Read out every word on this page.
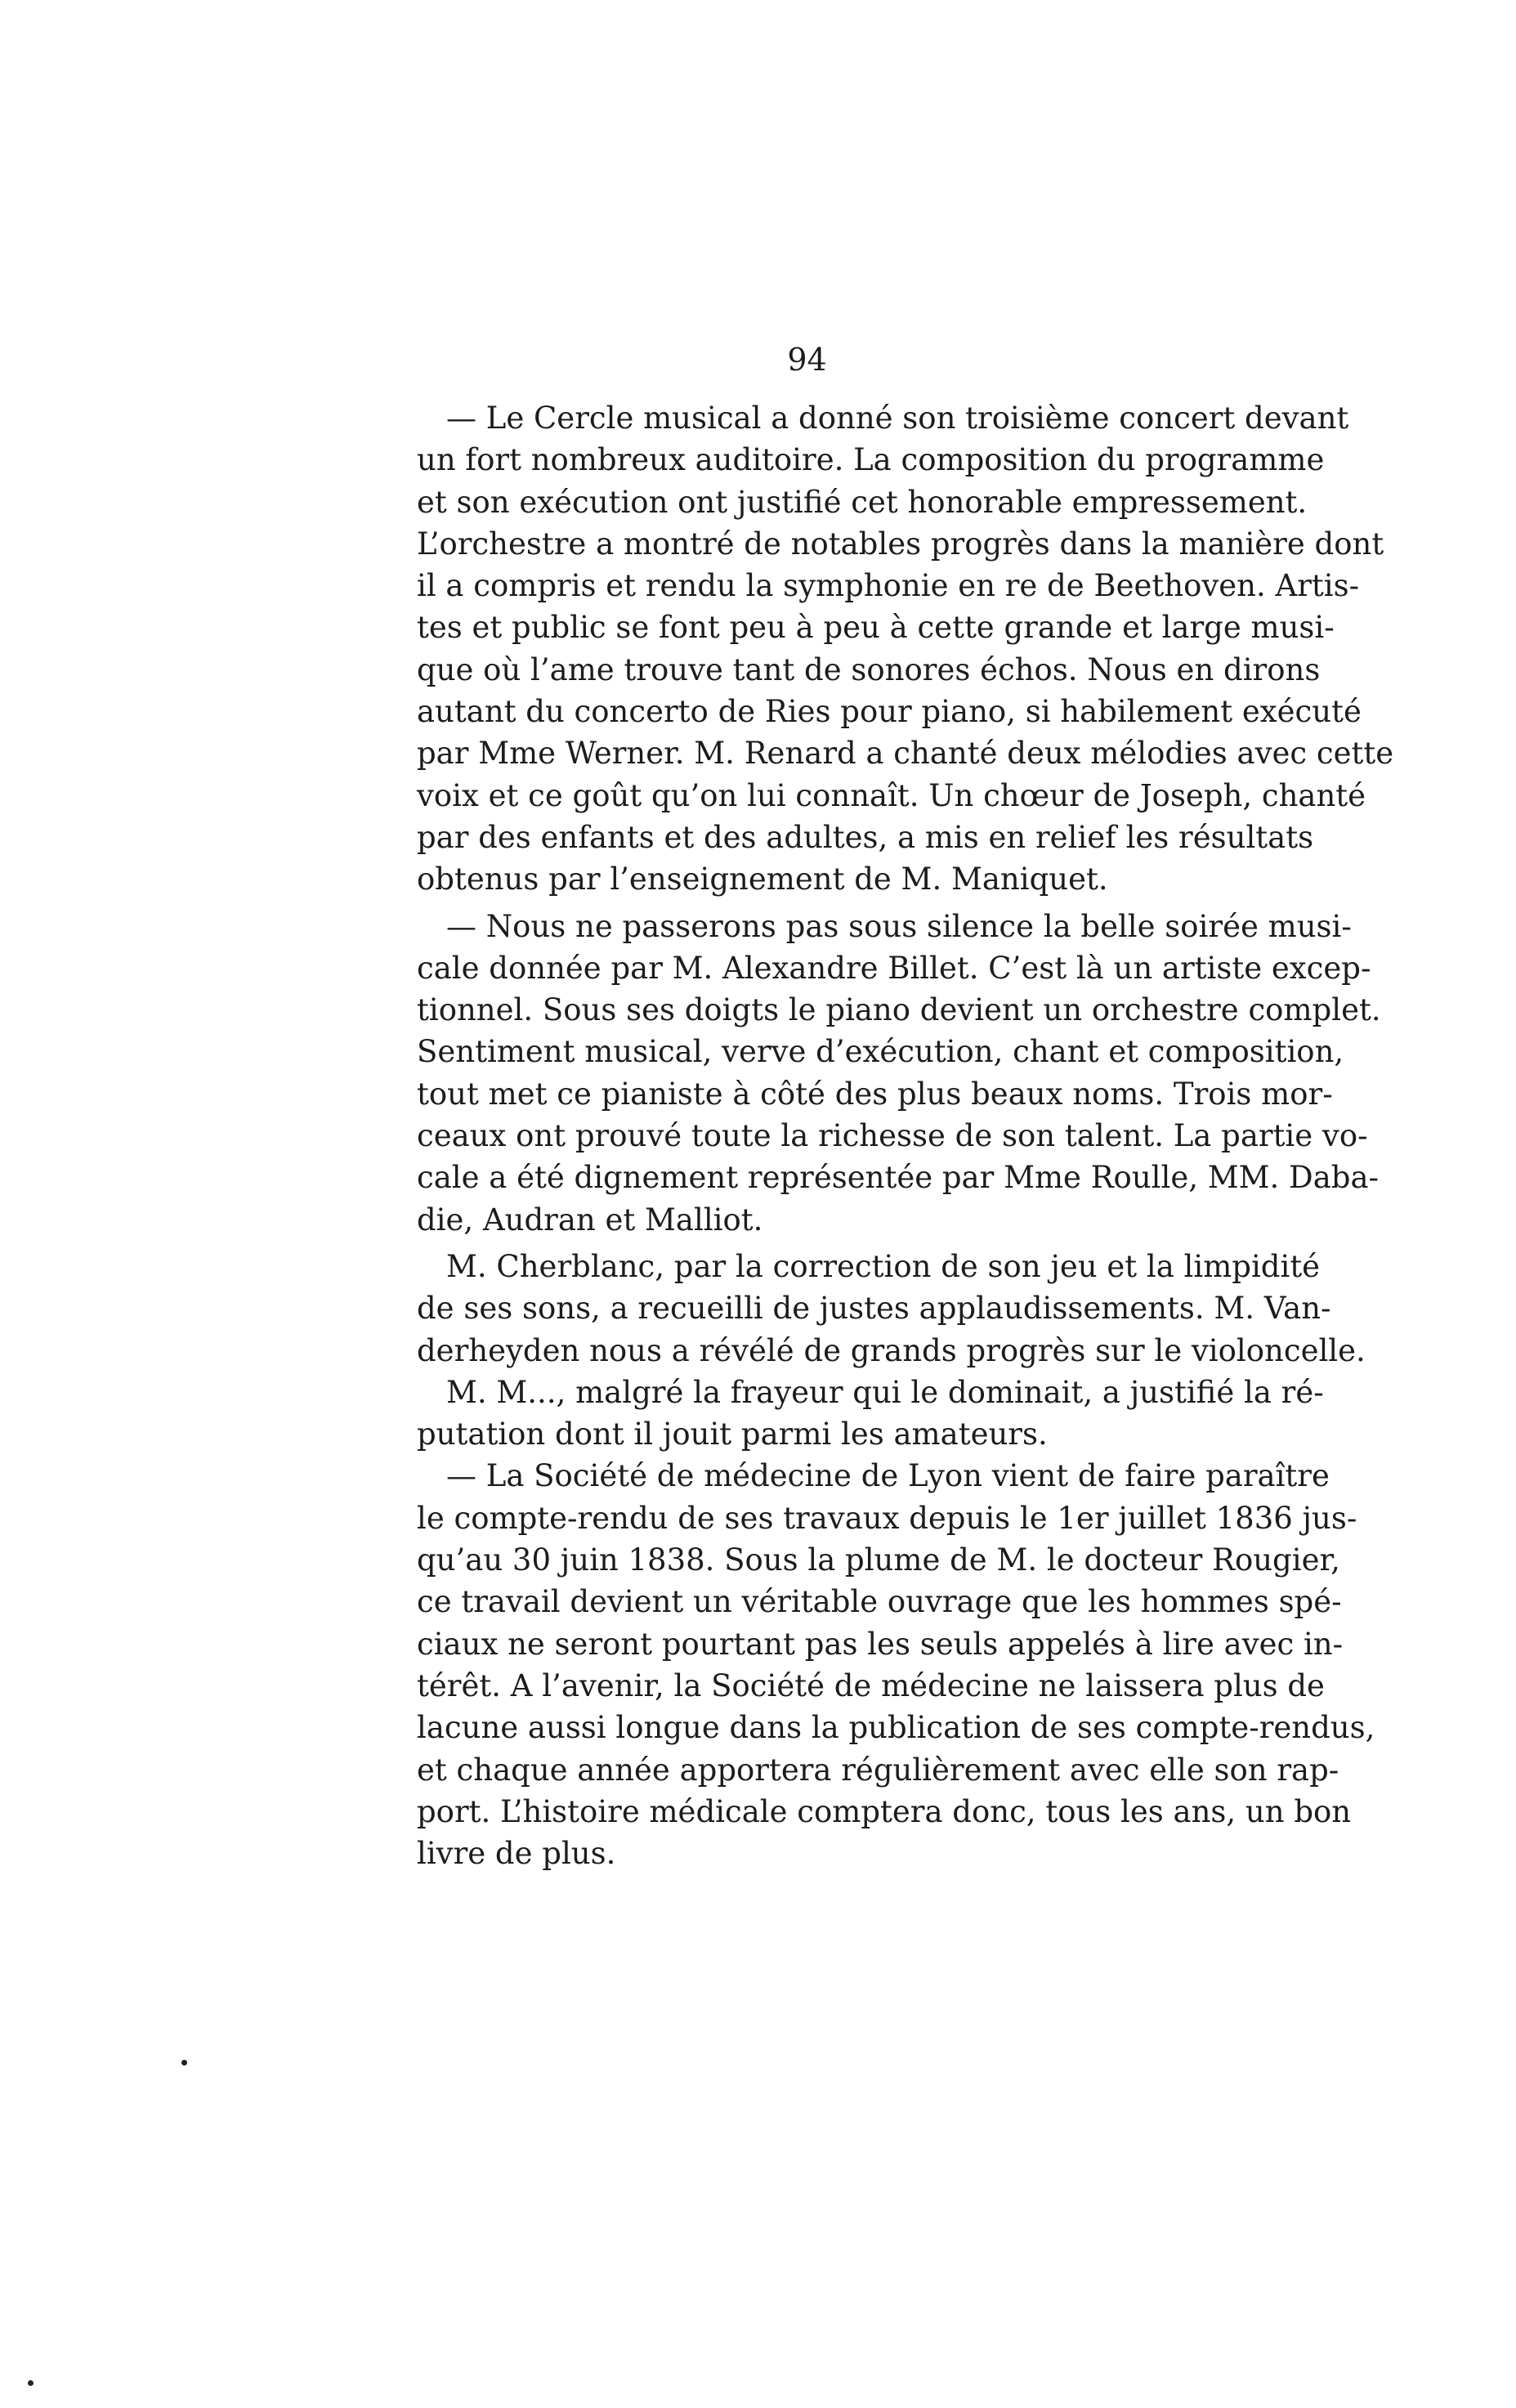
94
— Le Cercle musical a donné son troisième concert devant
un fort nombreux auditoire. La composition du programme
et son exécution ont justifié cet honorable empressement.
L’orchestre a montré de notables progrès dans la manière dont
il a compris et rendu la symphonie en re de Beethoven. Artis-
tes et public se font peu à peu à cette grande et large musi-
que où l’ame trouve tant de sonores échos. Nous en dirons
autant du concerto de Ries pour piano, si habilement exécuté
par Mme Werner. M. Renard a chanté deux mélodies avec cette
voix et ce goût qu’on lui connaît. Un chœur de Joseph, chanté
par des enfants et des adultes, a mis en relief les résultats
obtenus par l’enseignement de M. Maniquet.
— Nous ne passerons pas sous silence la belle soirée musi-
cale donnée par M. Alexandre Billet. C’est là un artiste excep-
tionnel. Sous ses doigts le piano devient un orchestre complet.
Sentiment musical, verve d’exécution, chant et composition,
tout met ce pianiste à côté des plus beaux noms. Trois mor-
ceaux ont prouvé toute la richesse de son talent. La partie vo-
cale a été dignement représentée par Mme Roulle, MM. Daba-
die, Audran et Malliot.
M. Cherblanc, par la correction de son jeu et la limpidité
de ses sons, a recueilli de justes applaudissements. M. Van-
derheyden nous a révélé de grands progrès sur le violoncelle.
M. M..., malgré la frayeur qui le dominait, a justifié la ré-
putation dont il jouit parmi les amateurs.
— La Société de médecine de Lyon vient de faire paraître
le compte-rendu de ses travaux depuis le 1er juillet 1836 jus-
qu’au 30 juin 1838. Sous la plume de M. le docteur Rougier,
ce travail devient un véritable ouvrage que les hommes spé-
ciaux ne seront pourtant pas les seuls appelés à lire avec in-
térêt. A l’avenir, la Société de médecine ne laissera plus de
lacune aussi longue dans la publication de ses compte-rendus,
et chaque année apportera régulièrement avec elle son rap-
port. L’histoire médicale comptera donc, tous les ans, un bon
livre de plus.
